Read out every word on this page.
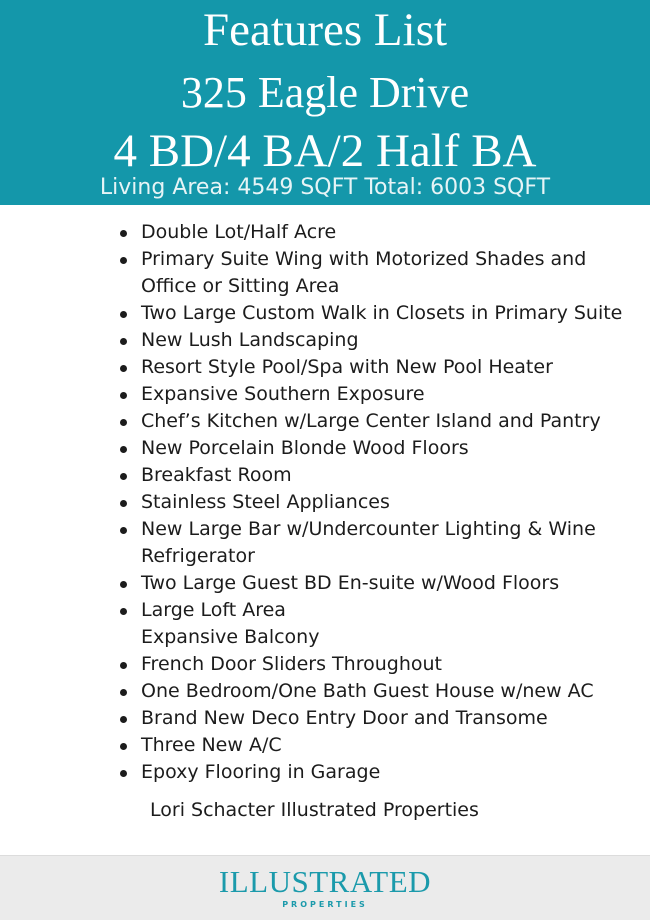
Features List
325 Eagle Drive
4 BD/4 BA/2 Half BA
Living Area: 4549 SQFT Total: 6003 SQFT
Double Lot/Half Acre
Primary Suite Wing with Motorized Shades and
Office or Sitting Area
Two Large Custom Walk in Closets in Primary Suite
New Lush Landscaping
Resort Style Pool/Spa with New Pool Heater
Expansive Southern Exposure
Chef’s Kitchen w/Large Center Island and Pantry
New Porcelain Blonde Wood Floors
Breakfast Room
Stainless Steel Appliances
New Large Bar w/Undercounter Lighting & Wine
Refrigerator
Two Large Guest BD En-suite w/Wood Floors
Large Loft Area
Expansive Balcony
French Door Sliders Throughout
One Bedroom/One Bath Guest House w/new AC
Brand New Deco Entry Door and Transome
Three New A/C
Epoxy Flooring in Garage
Lori Schacter Illustrated Properties
ILLUSTRATED
PROPERTIES
